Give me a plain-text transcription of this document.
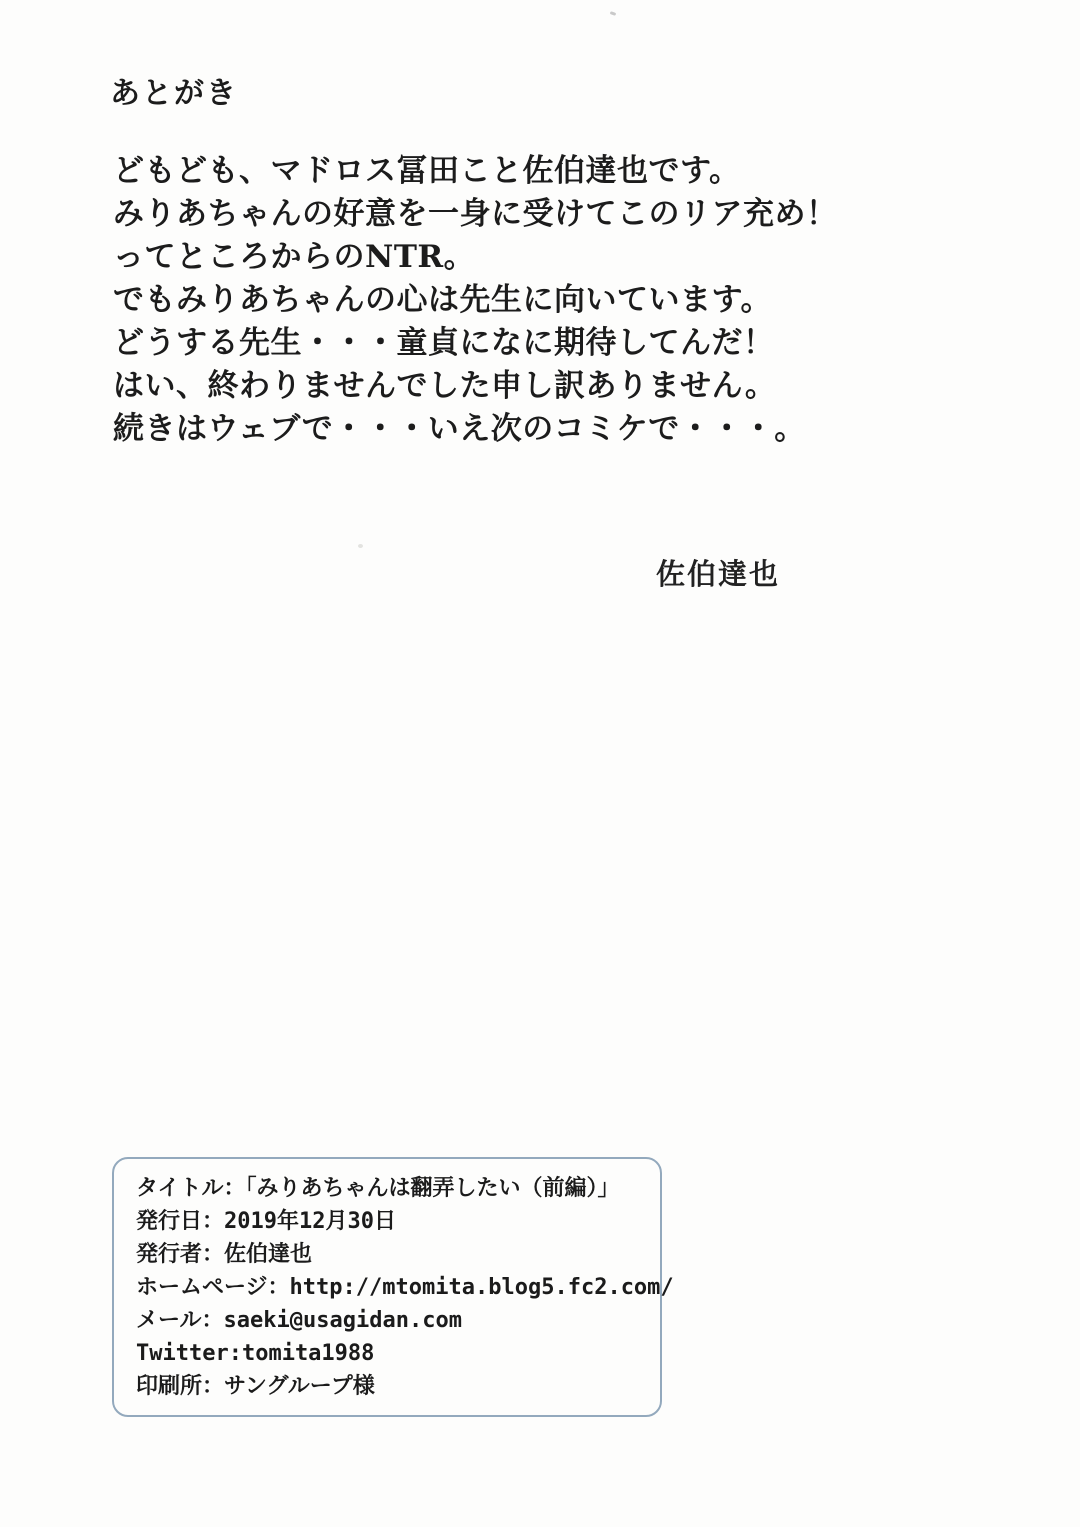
あとがき
どもども、マドロス冨田こと佐伯達也です。
みりあちゃんの好意を一身に受けてこのリア充め！
ってところからのNTR。
でもみりあちゃんの心は先生に向いています。
どうする先生・・・童貞になに期待してんだ！
はい、終わりませんでした申し訳ありません。
続きはウェブで・・・いえ次のコミケで・・・。
佐伯達也
タイトル：「みりあちゃんは翻弄したい（前編）」
発行日：2019年12月30日
発行者：佐伯達也
ホームページ：http://mtomita.blog5.fc2.com/
メール：saeki@usagidan.com
Twitter:tomita1988
印刷所：サングループ様
